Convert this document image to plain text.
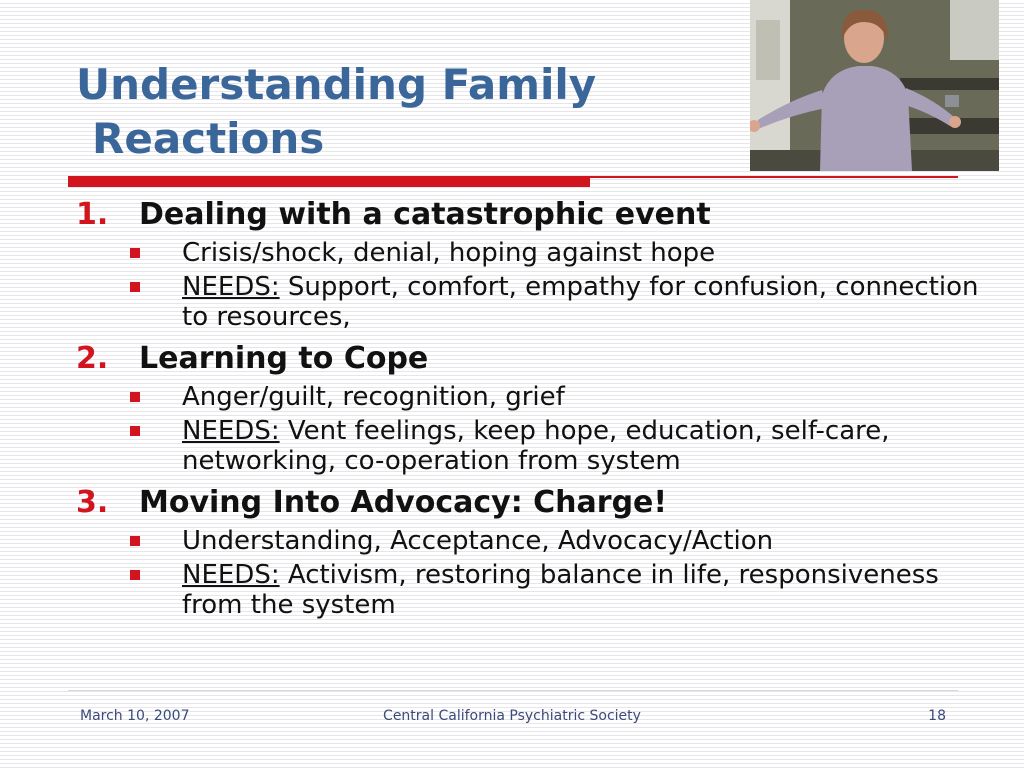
Understanding Family
Reactions
1. Dealing with a catastrophic event
Crisis/shock, denial, hoping against hope
NEEDS: Support, comfort, empathy for confusion, connection to resources,
2. Learning to Cope
Anger/guilt, recognition, grief
NEEDS: Vent feelings, keep hope, education, self-care, networking, co-operation from system
3. Moving Into Advocacy: Charge!
Understanding, Acceptance, Advocacy/Action
NEEDS: Activism, restoring balance in life, responsiveness from the system
March 10, 2007	Central California Psychiatric Society	18
